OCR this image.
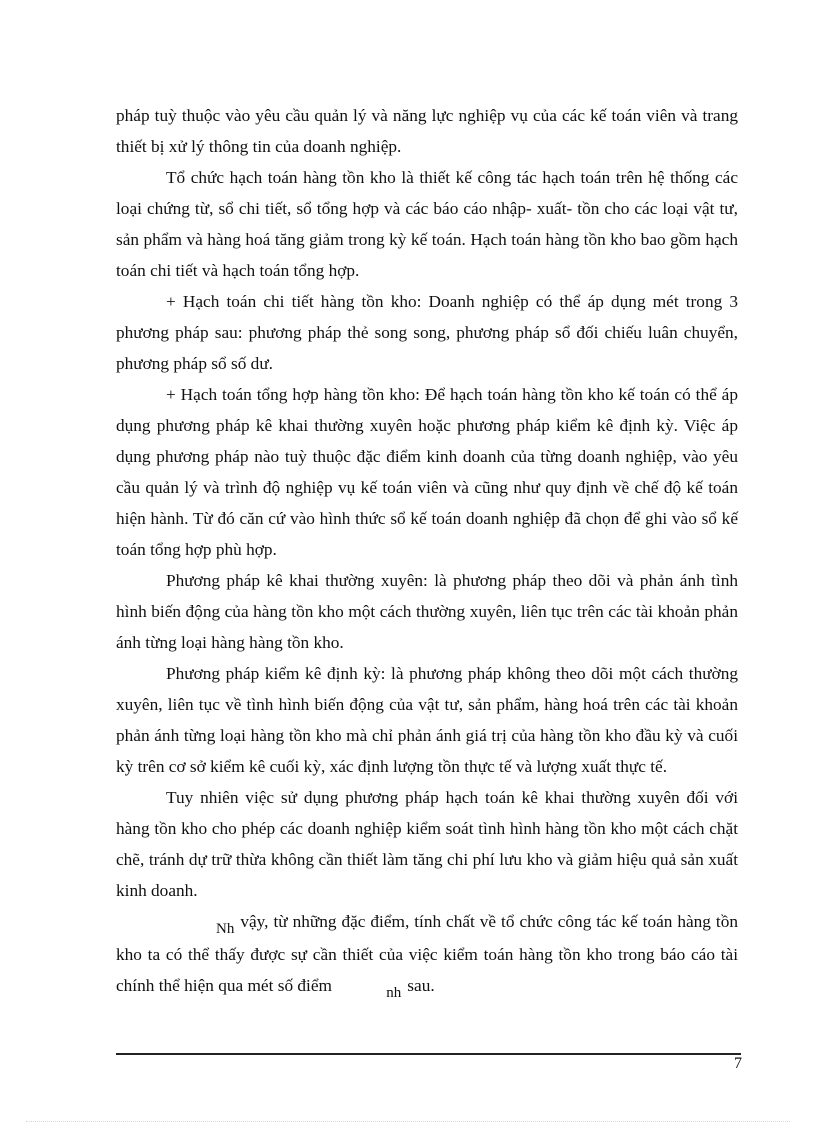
pháp tuỳ thuộc vào yêu cầu quản lý và năng lực nghiệp vụ của các kế toán viên và trang thiết bị xử lý thông tin của doanh nghiệp.

Tổ chức hạch toán hàng tồn kho là thiết kế công tác hạch toán trên hệ thống các loại chứng từ, sổ chi tiết, sổ tổng hợp và các báo cáo nhập- xuất- tồn cho các loại vật tư, sản phẩm và hàng hoá tăng giảm trong kỳ kế toán. Hạch toán hàng tồn kho bao gồm hạch toán chi tiết và hạch toán tổng hợp.

+ Hạch toán chi tiết hàng tồn kho: Doanh nghiệp có thể áp dụng mét trong 3 phương pháp sau: phương pháp thẻ song song, phương pháp sổ đối chiếu luân chuyển, phương pháp sổ số dư.

+ Hạch toán tổng hợp hàng tồn kho: Để hạch toán hàng tồn kho kế toán có thể áp dụng phương pháp kê khai thường xuyên hoặc phương pháp kiểm kê định kỳ. Việc áp dụng phương pháp nào tuỳ thuộc đặc điểm kinh doanh của từng doanh nghiệp, vào yêu cầu quản lý và trình độ nghiệp vụ kế toán viên và cũng như quy định về chế độ kế toán hiện hành. Từ đó căn cứ vào hình thức sổ kế toán doanh nghiệp đã chọn để ghi vào sổ kế toán tổng hợp phù hợp.

Phương pháp kê khai thường xuyên: là phương pháp theo dõi và phản ánh tình hình biến động của hàng tồn kho một cách thường xuyên, liên tục trên các tài khoản phản ánh từng loại hàng hàng tồn kho.

Phương pháp kiểm kê định kỳ: là phương pháp không theo dõi một cách thường xuyên, liên tục về tình hình biến động của vật tư, sản phẩm, hàng hoá trên các tài khoản phản ánh từng loại hàng tồn kho mà chỉ phản ánh giá trị của hàng tồn kho đầu kỳ và cuối kỳ trên cơ sở kiểm kê cuối kỳ, xác định lượng tồn thực tế và lượng xuất thực tế.

Tuy nhiên việc sử dụng phương pháp hạch toán kê khai thường xuyên đối với hàng tồn kho cho phép các doanh nghiệp kiểm soát tình hình hàng tồn kho một cách chặt chẽ, tránh dự trữ thừa không cần thiết làm tăng chi phí lưu kho và giảm hiệu quả sản xuất kinh doanh.

Nh vậy, từ những đặc điểm, tính chất về tổ chức công tác kế toán hàng tồn kho ta có thể thấy được sự cần thiết của việc kiểm toán hàng tồn kho trong báo cáo tài chính thể hiện qua mét số điểm	nh sau.

7
